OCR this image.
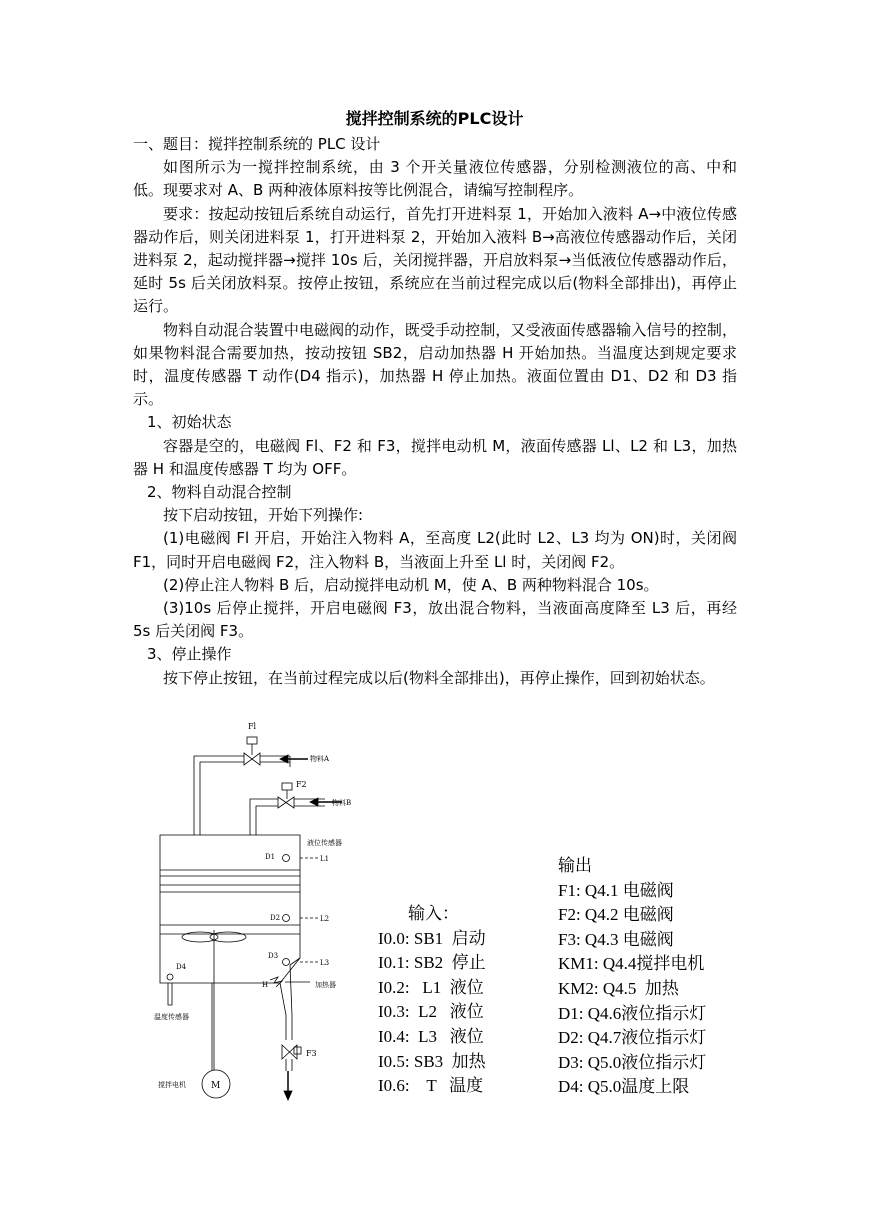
搅拌控制系统的PLC设计

一、题目：搅拌控制系统的 PLC 设计

如图所示为一搅拌控制系统，由 3 个开关量液位传感器，分别检测液位的高、中和低。现要求对 A、B 两种液体原料按等比例混合，请编写控制程序。

要求：按起动按钮后系统自动运行，首先打开进料泵 1，开始加入液料 A→中液位传感器动作后，则关闭进料泵 1，打开进料泵 2，开始加入液料 B→高液位传感器动作后，关闭进料泵 2，起动搅拌器→搅拌 10s 后，关闭搅拌器，开启放料泵→当低液位传感器动作后，延时 5s 后关闭放料泵。按停止按钮，系统应在当前过程完成以后(物料全部排出)，再停止运行。

物料自动混合装置中电磁阀的动作，既受手动控制，又受液面传感器输入信号的控制，如果物料混合需要加热，按动按钮 SB2，启动加热器 H 开始加热。当温度达到规定要求时，温度传感器 T 动作(D4 指示)，加热器 H 停止加热。液面位置由 D1、D2 和 D3 指示。

1、初始状态

容器是空的，电磁阀 Fl、F2 和 F3，搅拌电动机 M，液面传感器 Ll、L2 和 L3，加热器 H 和温度传感器 T 均为 OFF。

2、物料自动混合控制

按下启动按钮，开始下列操作:

(1)电磁阀 Fl 开启，开始注入物料 A，至高度 L2(此时 L2、L3 均为 ON)时，关闭阀 F1，同时开启电磁阀 F2，注入物料 B，当液面上升至 Ll 时，关闭阀 F2。

(2)停止注人物料 B 后，启动搅拌电动机 M，使 A、B 两种物料混合 10s。

(3)10s 后停止搅拌，开启电磁阀 F3，放出混合物料，当液面高度降至 L3 后，再经 5s 后关闭阀 F3。

3、停止操作

按下停止按钮，在当前过程完成以后(物料全部排出)，再停止操作，回到初始状态。

Fl
物料A
F2
物料B
液位传感器
D1	L1
D2	L2
D3
L3
D4
温度传感器
H	加热器
搅拌电机	M
F3
输入：
I0.0: SB1  启动
I0.1: SB2  停止
I0.2:   L1  液位
I0.3:  L2   液位
I0.4:  L3   液位
I0.5: SB3  加热
I0.6:    T   温度
输出
F1: Q4.1 电磁阀
F2: Q4.2 电磁阀
F3: Q4.3 电磁阀
KM1: Q4.4搅拌电机
KM2: Q4.5  加热
D1: Q4.6液位指示灯
D2: Q4.7液位指示灯
D3: Q5.0液位指示灯
D4: Q5.0温度上限
